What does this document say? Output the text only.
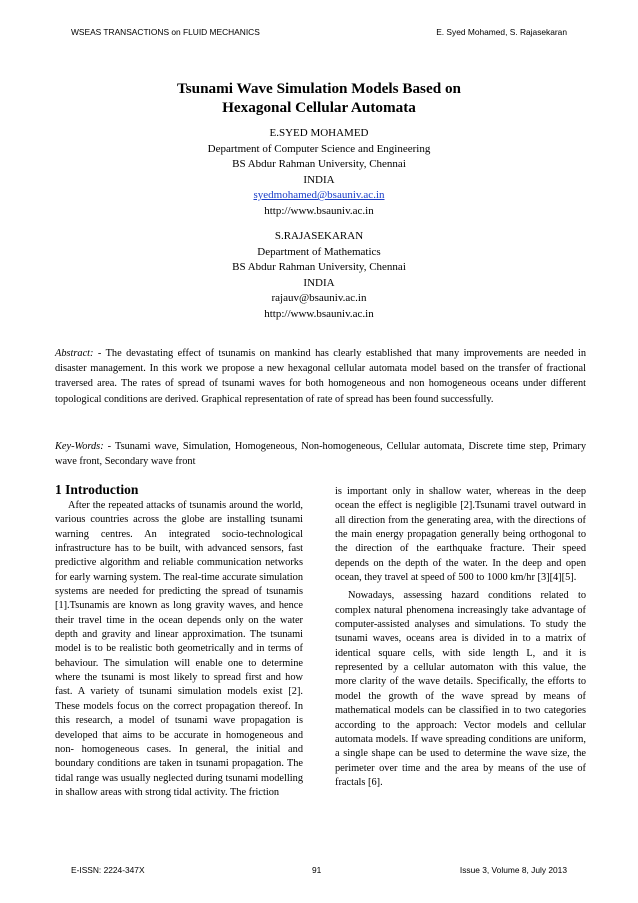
WSEAS TRANSACTIONS on FLUID MECHANICS	E. Syed Mohamed, S. Rajasekaran
Tsunami Wave Simulation Models Based on
Hexagonal Cellular Automata
E.SYED MOHAMED
Department of Computer Science and Engineering
BS Abdur Rahman University, Chennai
INDIA
syedmohamed@bsauniv.ac.in
http://www.bsauniv.ac.in
S.RAJASEKARAN
Department of Mathematics
BS Abdur Rahman University, Chennai
INDIA
rajauv@bsauniv.ac.in
http://www.bsauniv.ac.in
Abstract: - The devastating effect of tsunamis on mankind has clearly established that many improvements are needed in disaster management. In this work we propose a new hexagonal cellular automata model based on the transfer of fractional traversed area. The rates of spread of tsunami waves for both homogeneous and non homogeneous oceans under different topological conditions are derived. Graphical representation of rate of spread has been found successfully.
Key-Words: - Tsunami wave, Simulation, Homogeneous, Non-homogeneous, Cellular automata, Discrete time step, Primary wave front, Secondary wave front
1 Introduction

After the repeated attacks of tsunamis around the world, various countries across the globe are installing tsunami warning centres. An integrated socio-technological infrastructure has to be built, with advanced sensors, fast predictive algorithm and reliable communication networks for early warning system. The real-time accurate simulation systems are needed for predicting the spread of tsunamis [1].Tsunamis are known as long gravity waves, and hence their travel time in the ocean depends only on the water depth and gravity and linear approximation. The tsunami model is to be realistic both geometrically and in terms of behaviour. The simulation will enable one to determine where the tsunami is most likely to spread first and how fast. A variety of tsunami simulation models exist [2]. These models focus on the correct propagation thereof. In this research, a model of tsunami wave propagation is developed that aims to be accurate in homogeneous and non- homogeneous cases. In general, the initial and boundary conditions are taken in tsunami propagation. The tidal range was usually neglected during tsunami modelling in shallow areas with strong tidal activity. The friction

is important only in shallow water, whereas in the deep ocean the effect is negligible [2].Tsunami travel outward in all direction from the generating area, with the directions of the main energy propagation generally being orthogonal to the direction of the earthquake fracture. Their speed depends on the depth of the water. In the deep and open ocean, they travel at speed of 500 to 1000 km/hr [3][4][5].

Nowadays, assessing hazard conditions related to complex natural phenomena increasingly take advantage of computer-assisted analyses and simulations. To study the tsunami waves, oceans area is divided in to a matrix of identical square cells, with side length L, and it is represented by a cellular automaton with this value, the more clarity of the wave details. Specifically, the efforts to model the growth of the wave spread by means of mathematical models can be classified in to two categories according to the approach: Vector models and cellular automata models. If wave spreading conditions are uniform, a single shape can be used to determine the wave size, the perimeter over time and the area by means of the use of fractals [6].

E-ISSN: 2224-347X	91	Issue 3, Volume 8, July 2013
